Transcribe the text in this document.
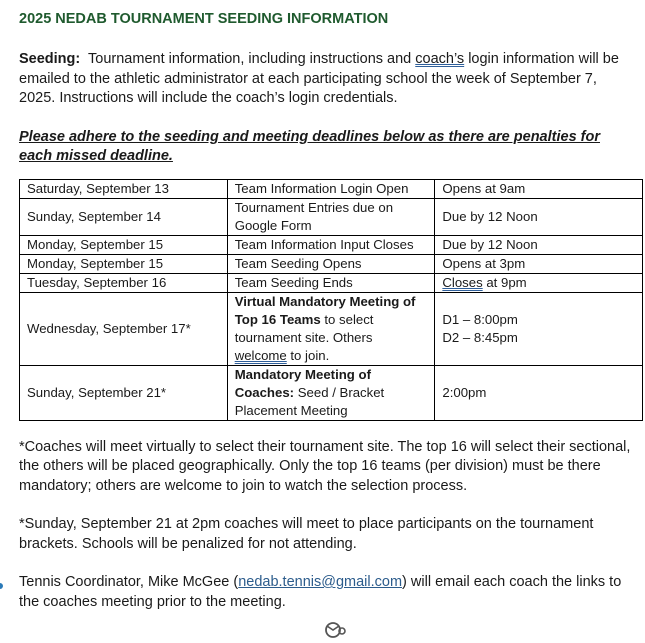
2025 NEDAB TOURNAMENT SEEDING INFORMATION

Seeding: Tournament information, including instructions and coach’s login information will be emailed to the athletic administrator at each participating school the week of September 7, 2025. Instructions will include the coach’s login credentials.

Please adhere to the seeding and meeting deadlines below as there are penalties for each missed deadline.

Saturday, September 13	Team Information Login Open	Opens at 9am
Sunday, September 14	Tournament Entries due on Google Form	Due by 12 Noon
Monday, September 15	Team Information Input Closes	Due by 12 Noon
Monday, September 15	Team Seeding Opens	Opens at 3pm
Tuesday, September 16	Team Seeding Ends	Closes at 9pm
Wednesday, September 17*	Virtual Mandatory Meeting of Top 16 Teams to select tournament site. Others welcome to join.	D1 – 8:00pm
D2 – 8:45pm

Sunday, September 21*	Mandatory Meeting of Coaches: Seed / Bracket Placement Meeting	2:00pm

*Coaches will meet virtually to select their tournament site. The top 16 will select their sectional, the others will be placed geographically. Only the top 16 teams (per division) must be there mandatory; others are welcome to join to watch the selection process.

*Sunday, September 21 at 2pm coaches will meet to place participants on the tournament brackets. Schools will be penalized for not attending.

Tennis Coordinator, Mike McGee (nedab.tennis@gmail.com) will email each coach the links to the coaches meeting prior to the meeting.
